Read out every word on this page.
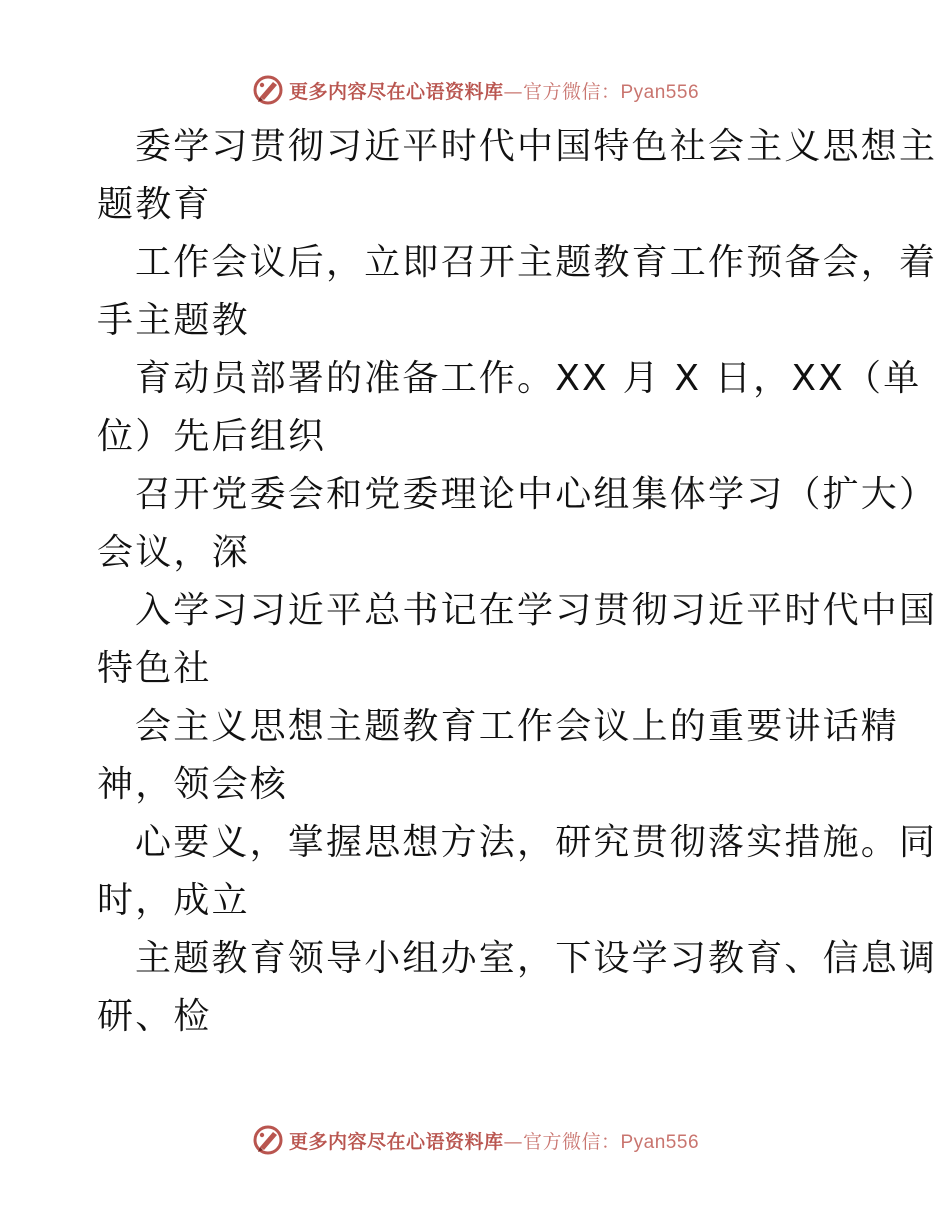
更多内容尽在心语资料库—官方微信：Pyan556
委学习贯彻习近平时代中国特色社会主义思想主
题教育
工作会议后，立即召开主题教育工作预备会，着
手主题教
育动员部署的准备工作。XX 月 X 日，XX（单
位）先后组织
召开党委会和党委理论中心组集体学习（扩大）
会议，深
入学习习近平总书记在学习贯彻习近平时代中国
特色社
会主义思想主题教育工作会议上的重要讲话精
神，领会核
心要义，掌握思想方法，研究贯彻落实措施。同
时，成立
主题教育领导小组办室，下设学习教育、信息调
研、检
更多内容尽在心语资料库—官方微信：Pyan556
